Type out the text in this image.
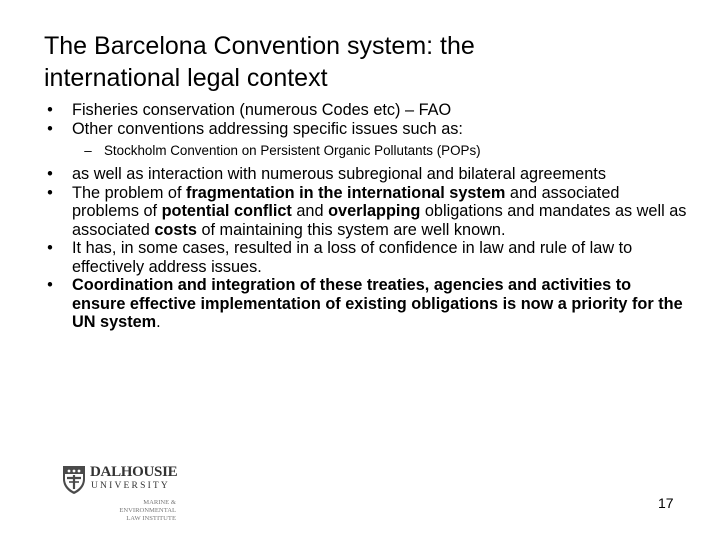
The Barcelona Convention system: the
international legal context
•	Fisheries conservation (numerous Codes etc) – FAO
•	Other conventions addressing specific issues such as:
– Stockholm Convention on Persistent Organic Pollutants (POPs)
•	as well as interaction with numerous subregional and bilateral agreements
•	The problem of fragmentation in the international system and associated problems of potential conflict and overlapping obligations and mandates as well as associated costs of maintaining this system are well known.
•	It has, in some cases, resulted in a loss of confidence in law and rule of law to effectively address issues.
•	Coordination and integration of these treaties, agencies and activities to ensure effective implementation of existing obligations is now a priority for the UN system.
DALHOUSIE
UNIVERSITY
MARINE &
ENVIRONMENTAL
LAW INSTITUTE
17
